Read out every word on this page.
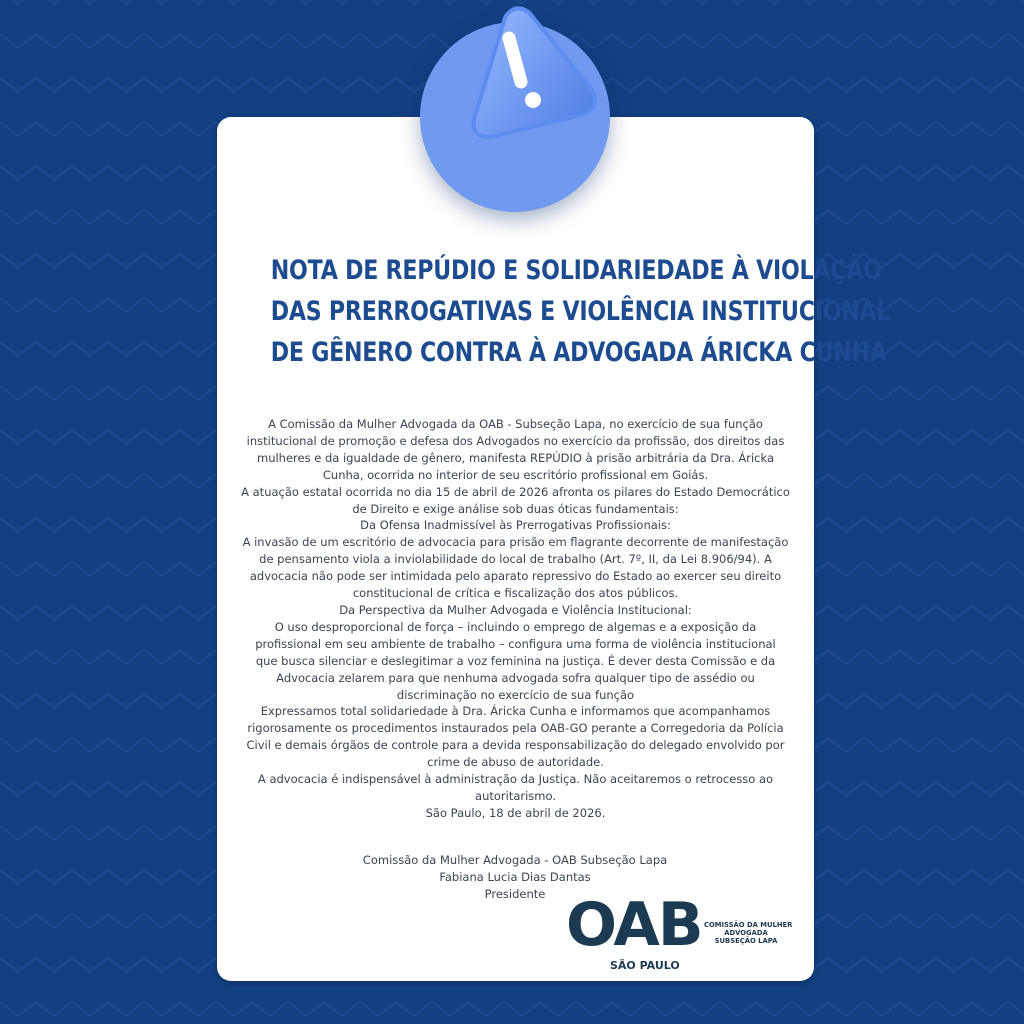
NOTA DE REPÚDIO E SOLIDARIEDADE À VIOLAÇÃO
DAS PRERROGATIVAS E VIOLÊNCIA INSTITUCIONAL
DE GÊNERO CONTRA À ADVOGADA ÁRICKA CUNHA

A Comissão da Mulher Advogada da OAB - Subseção Lapa, no exercício de sua função

institucional de promoção e defesa dos Advogados no exercício da profissão, dos direitos das

mulheres e da igualdade de gênero, manifesta REPÚDIO à prisão arbitrária da Dra. Áricka

Cunha, ocorrida no interior de seu escritório profissional em Goiás.

A atuação estatal ocorrida no dia 15 de abril de 2026 afronta os pilares do Estado Democrático

de Direito e exige análise sob duas óticas fundamentais:

Da Ofensa Inadmissível às Prerrogativas Profissionais:

A invasão de um escritório de advocacia para prisão em flagrante decorrente de manifestação

de pensamento viola a inviolabilidade do local de trabalho (Art. 7º, II, da Lei 8.906/94). A

advocacia não pode ser intimidada pelo aparato repressivo do Estado ao exercer seu direito

constitucional de crítica e fiscalização dos atos públicos.

Da Perspectiva da Mulher Advogada e Violência Institucional:

O uso desproporcional de força – incluindo o emprego de algemas e a exposição da

profissional em seu ambiente de trabalho – configura uma forma de violência institucional

que busca silenciar e deslegitimar a voz feminina na justiça. É dever desta Comissão e da

Advocacia zelarem para que nenhuma advogada sofra qualquer tipo de assédio ou

discriminação no exercício de sua função

Expressamos total solidariedade à Dra. Áricka Cunha e informamos que acompanhamos

rigorosamente os procedimentos instaurados pela OAB-GO perante a Corregedoria da Polícia

Civil e demais órgãos de controle para a devida responsabilização do delegado envolvido por

crime de abuso de autoridade.

A advocacia é indispensável à administração da Justiça. Não aceitaremos o retrocesso ao

autoritarismo.

São Paulo, 18 de abril de 2026.

Comissão da Mulher Advogada - OAB Subseção Lapa

Fabiana Lucia Dias Dantas

Presidente OAB
SÃO PAULO
COMISSÃO DA MULHER
ADVOGADA
SUBSEÇÃO LAPA
